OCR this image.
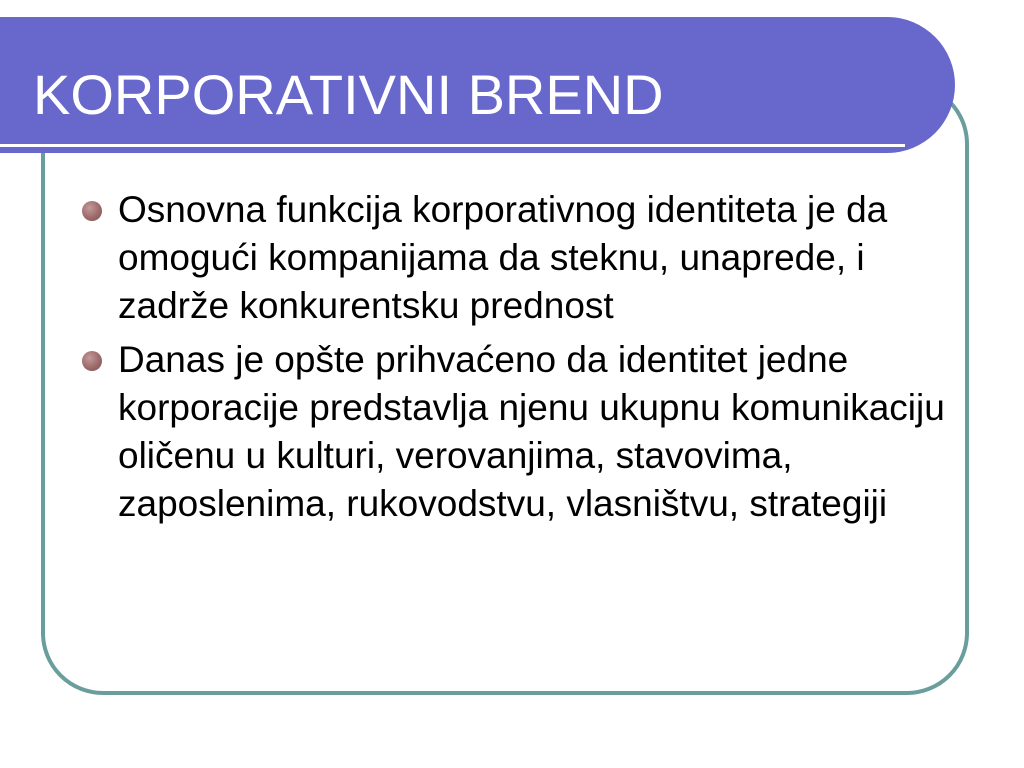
KORPORATIVNI BREND
Osnovna funkcija korporativnog identiteta je da omogući kompanijama da steknu, unaprede, i zadrže konkurentsku prednost
Danas je opšte prihvaćeno da identitet jedne korporacije predstavlja njenu ukupnu komunikaciju oličenu u kulturi, verovanjima, stavovima, zaposlenima, rukovodstvu, vlasništvu, strategiji
